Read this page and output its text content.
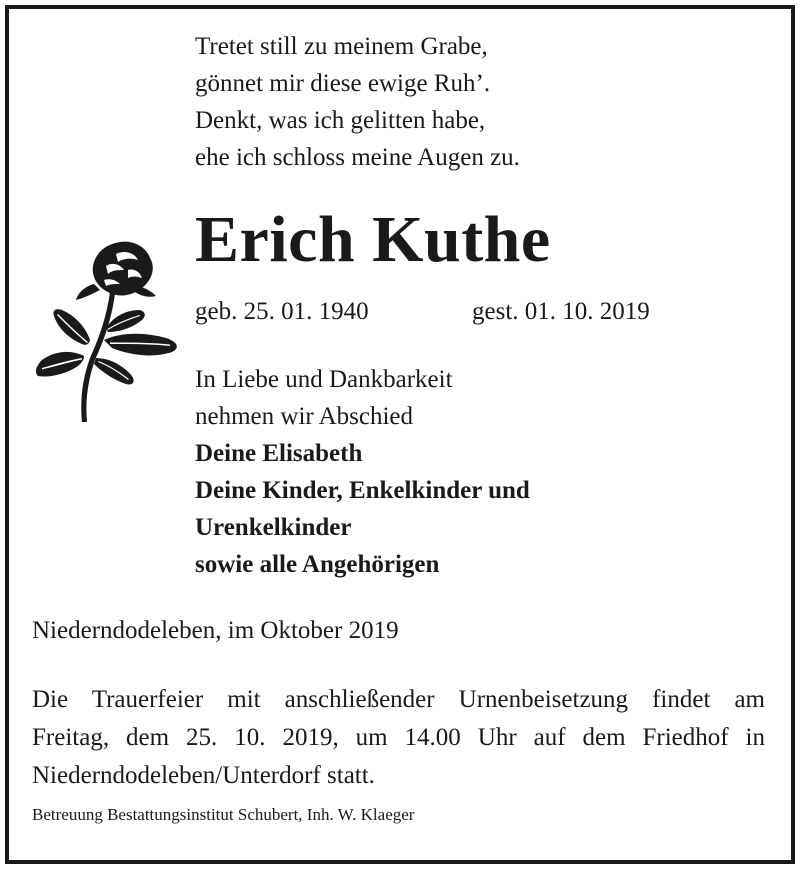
Tretet still zu meinem Grabe,
gönnet mir diese ewige Ruh’.
Denkt, was ich gelitten habe,
ehe ich schloss meine Augen zu.
Erich Kuthe
geb. 25. 01. 1940	gest. 01. 10. 2019
In Liebe und Dankbarkeit
nehmen wir Abschied
Deine Elisabeth
Deine Kinder, Enkelkinder und
Urenkelkinder
sowie alle Angehörigen
Niederndodeleben, im Oktober 2019
Die Trauerfeier mit anschließender Urnenbeisetzung findet am
Freitag, dem 25. 10. 2019, um 14.00 Uhr auf dem Friedhof in
Niederndodeleben/Unterdorf statt.
Betreuung Bestattungsinstitut Schubert, Inh. W. Klaeger
